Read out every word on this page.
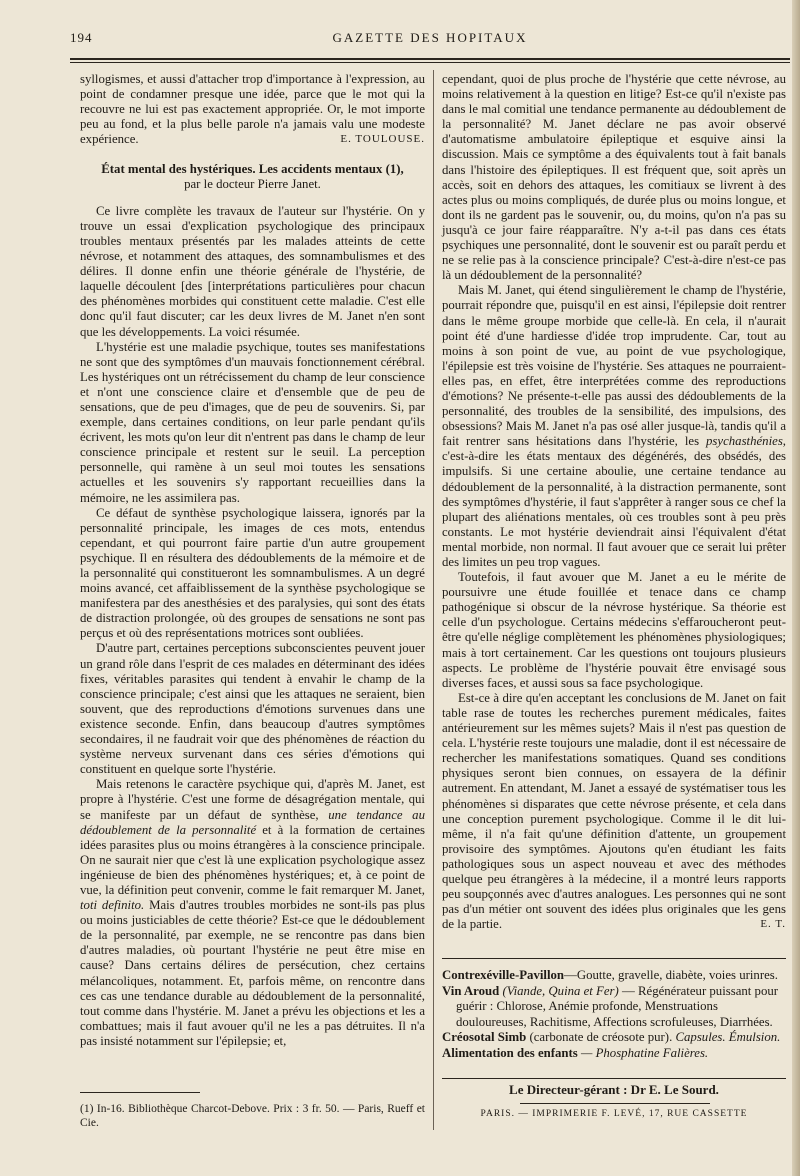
194	GAZETTE DES HOPITAUX

syllogismes, et aussi d'attacher trop d'importance à l'expression, au point de condamner presque une idée, parce que le mot qui la recouvre ne lui est pas exactement appropriée. Or, le mot importe peu au fond, et la plus belle parole n'a jamais valu une modeste expérience.	E. TOULOUSE.

État mental des hystériques. Les accidents mentaux (1),
par le docteur Pierre Janet.

Ce livre complète les travaux de l'auteur sur l'hystérie. On y trouve un essai d'explication psychologique des principaux troubles mentaux présentés par les malades atteints de cette névrose, et notamment des attaques, des somnambulismes et des délires. Il donne enfin une théorie générale de l'hystérie, de laquelle découlent [des [interprétations particulières pour chacun des phénomènes morbides qui constituent cette maladie. C'est elle donc qu'il faut discuter; car les deux livres de M. Janet n'en sont que les développements. La voici résumée.

L'hystérie est une maladie psychique, toutes ses manifestations ne sont que des symptômes d'un mauvais fonctionnement cérébral. Les hystériques ont un rétrécissement du champ de leur conscience et n'ont une conscience claire et d'ensemble que de peu de sensations, que de peu d'images, que de peu de souvenirs. Si, par exemple, dans certaines conditions, on leur parle pendant qu'ils écrivent, les mots qu'on leur dit n'entrent pas dans le champ de leur conscience principale et restent sur le seuil. La perception personnelle, qui ramène à un seul moi toutes les sensations actuelles et les souvenirs s'y rapportant recueillies dans la mémoire, ne les assimilera pas.

Ce défaut de synthèse psychologique laissera, ignorés par la personnalité principale, les images de ces mots, entendus cependant, et qui pourront faire partie d'un autre groupement psychique. Il en résultera des dédoublements de la mémoire et de la personnalité qui constitueront les somnambulismes. A un degré moins avancé, cet affaiblissement de la synthèse psychologique se manifestera par des anesthésies et des paralysies, qui sont des états de distraction prolongée, où des groupes de sensations ne sont pas perçus et où des représentations motrices sont oubliées.

D'autre part, certaines perceptions subconscientes peuvent jouer un grand rôle dans l'esprit de ces malades en déterminant des idées fixes, véritables parasites qui tendent à envahir le champ de la conscience principale; c'est ainsi que les attaques ne seraient, bien souvent, que des reproductions d'émotions survenues dans une existence seconde. Enfin, dans beaucoup d'autres symptômes secondaires, il ne faudrait voir que des phénomènes de réaction du système nerveux survenant dans ces séries d'émotions qui constituent en quelque sorte l'hystérie.

Mais retenons le caractère psychique qui, d'après M. Janet, est propre à l'hystérie. C'est une forme de désagrégation mentale, qui se manifeste par un défaut de synthèse, une tendance au dédoublement de la personnalité et à la formation de certaines idées parasites plus ou moins étrangères à la conscience principale. On ne saurait nier que c'est là une explication psychologique assez ingénieuse de bien des phénomènes hystériques; et, à ce point de vue, la définition peut convenir, comme le fait remarquer M. Janet, toti definito. Mais d'autres troubles morbides ne sont-ils pas plus ou moins justiciables de cette théorie? Est-ce que le dédoublement de la personnalité, par exemple, ne se rencontre pas dans bien d'autres maladies, où pourtant l'hystérie ne peut être mise en cause? Dans certains délires de persécution, chez certains mélancoliques, notamment. Et, parfois même, on rencontre dans ces cas une tendance durable au dédoublement de la personnalité, tout comme dans l'hystérie. M. Janet a prévu les objections et les a combattues; mais il faut avouer qu'il ne les a pas détruites. Il n'a pas insisté notamment sur l'épilepsie; et,

(1) In-16. Bibliothèque Charcot-Debove. Prix : 3 fr. 50. — Paris, Rueff et Cie.

cependant, quoi de plus proche de l'hystérie que cette névrose, au moins relativement à la question en litige? Est-ce qu'il n'existe pas dans le mal comitial une tendance permanente au dédoublement de la personnalité? M. Janet déclare ne pas avoir observé d'automatisme ambulatoire épileptique et esquive ainsi la discussion. Mais ce symptôme a des équivalents tout à fait banals dans l'histoire des épileptiques. Il est fréquent que, soit après un accès, soit en dehors des attaques, les comitiaux se livrent à des actes plus ou moins compliqués, de durée plus ou moins longue, et dont ils ne gardent pas le souvenir, ou, du moins, qu'on n'a pas su jusqu'à ce jour faire réapparaître. N'y a-t-il pas dans ces états psychiques une personnalité, dont le souvenir est ou paraît perdu et ne se relie pas à la conscience principale? C'est-à-dire n'est-ce pas là un dédoublement de la personnalité?

Mais M. Janet, qui étend singulièrement le champ de l'hystérie, pourrait répondre que, puisqu'il en est ainsi, l'épilepsie doit rentrer dans le même groupe morbide que celle-là. En cela, il n'aurait point été d'une hardiesse d'idée trop imprudente. Car, tout au moins à son point de vue, au point de vue psychologique, l'épilepsie est très voisine de l'hystérie. Ses attaques ne pourraient-elles pas, en effet, être interprétées comme des reproductions d'émotions? Ne présente-t-elle pas aussi des dédoublements de la personnalité, des troubles de la sensibilité, des impulsions, des obsessions? Mais M. Janet n'a pas osé aller jusque-là, tandis qu'il a fait rentrer sans hésitations dans l'hystérie, les psychasthénies, c'est-à-dire les états mentaux des dégénérés, des obsédés, des impulsifs. Si une certaine aboulie, une certaine tendance au dédoublement de la personnalité, à la distraction permanente, sont des symptômes d'hystérie, il faut s'apprêter à ranger sous ce chef la plupart des aliénations mentales, où ces troubles sont à peu près constants. Le mot hystérie deviendrait ainsi l'équivalent d'état mental morbide, non normal. Il faut avouer que ce serait lui prêter des limites un peu trop vagues.

Toutefois, il faut avouer que M. Janet a eu le mérite de poursuivre une étude fouillée et tenace dans ce champ pathogénique si obscur de la névrose hystérique. Sa théorie est celle d'un psychologue. Certains médecins s'effaroucheront peut-être qu'elle néglige complètement les phénomènes physiologiques; mais à tort certainement. Car les questions ont toujours plusieurs aspects. Le problème de l'hystérie pouvait être envisagé sous diverses faces, et aussi sous sa face psychologique.

Est-ce à dire qu'en acceptant les conclusions de M. Janet on fait table rase de toutes les recherches purement médicales, faites antérieurement sur les mêmes sujets? Mais il n'est pas question de cela. L'hystérie reste toujours une maladie, dont il est nécessaire de rechercher les manifestations somatiques. Quand ses conditions physiques seront bien connues, on essayera de la définir autrement. En attendant, M. Janet a essayé de systématiser tous les phénomènes si disparates que cette névrose présente, et cela dans une conception purement psychologique. Comme il le dit lui-même, il n'a fait qu'une définition d'attente, un groupement provisoire des symptômes. Ajoutons qu'en étudiant les faits pathologiques sous un aspect nouveau et avec des méthodes quelque peu étrangères à la médecine, il a montré leurs rapports peu soupçonnés avec d'autres analogues. Les personnes qui ne sont pas d'un métier ont souvent des idées plus originales que les gens de la partie.	E. T.

Contrexéville-Pavillon—Goutte, gravelle, diabète, voies urinres.

Vin Aroud (Viande, Quina et Fer) — Régénérateur puissant pour guérir : Chlorose, Anémie profonde, Menstruations douloureuses, Rachitisme, Affections scrofuleuses, Diarrhées.

Créosotal Simb (carbonate de créosote pur). Capsules. Émulsion.

Alimentation des enfants — Phosphatine Falières.

Le Directeur-gérant : Dr E. Le Sourd.
PARIS. — IMPRIMERIE F. LEVÉ, 17, RUE CASSETTE
